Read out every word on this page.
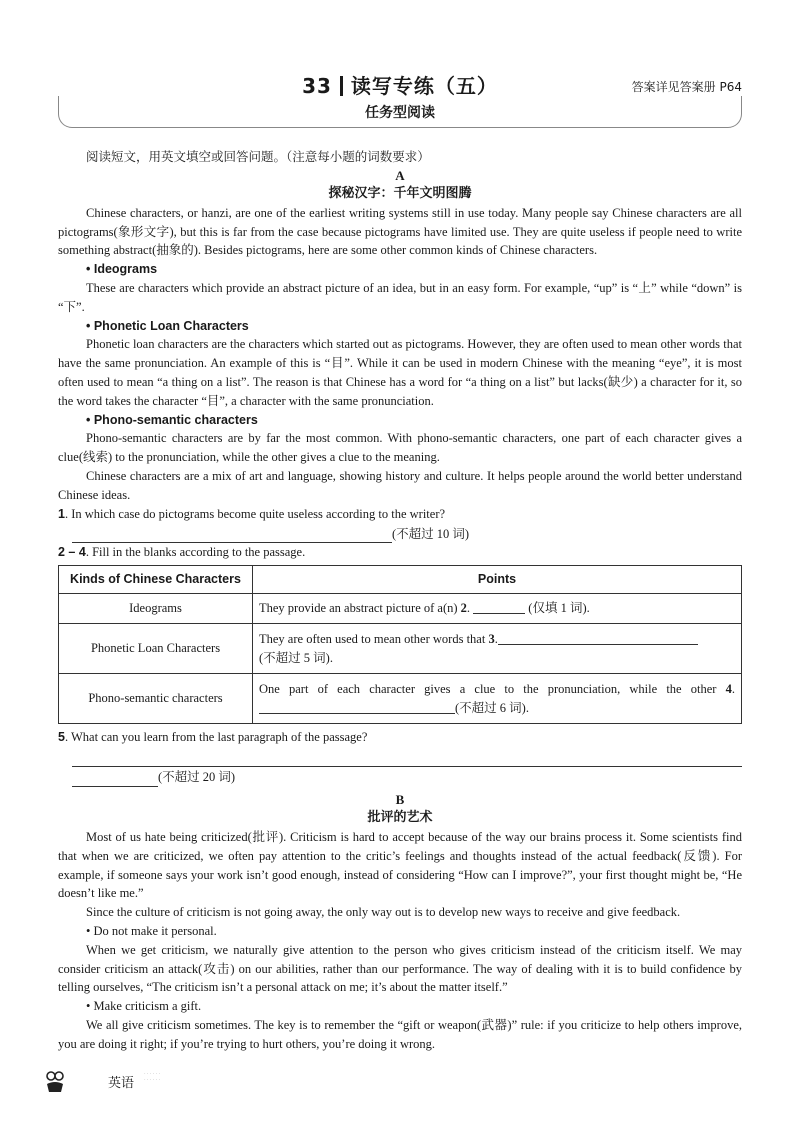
33 读写专练（五）	答案详见答案册 P64
任务型阅读

阅读短文，用英文填空或回答问题。（注意每小题的词数要求）

A
探秘汉字：千年文明图腾

Chinese characters, or hanzi, are one of the earliest writing systems still in use today. Many people say Chinese characters are all pictograms(象形文字), but this is far from the case because pictograms have limited use. They are quite useless if people need to write something abstract(抽象的). Besides pictograms, here are some other common kinds of Chinese characters.

• Ideograms

These are characters which provide an abstract picture of an idea, but in an easy form. For example, “up” is “上” while “down” is “下”.

• Phonetic Loan Characters

Phonetic loan characters are the characters which started out as pictograms. However, they are often used to mean other words that have the same pronunciation. An example of this is “目”. While it can be used in modern Chinese with the meaning “eye”, it is most often used to mean “a thing on a list”. The reason is that Chinese has a word for “a thing on a list” but lacks(缺少) a character for it, so the word takes the character “目”, a character with the same pronunciation.

• Phono-semantic characters

Phono-semantic characters are by far the most common. With phono-semantic characters, one part of each character gives a clue(线索) to the pronunciation, while the other gives a clue to the meaning.

Chinese characters are a mix of art and language, showing history and culture. It helps people around the world better understand Chinese ideas.

1. In which case do pictograms become quite useless according to the writer?
(不超过 10 词)
2 – 4. Fill in the blanks according to the passage.
Kinds of Chinese Characters	Points
Ideograms	They provide an abstract picture of a(n) 2. (仅填 1 词).
Phonetic Loan Characters	They are often used to mean other words that 3.
(不超过 5 词).
Phono-semantic characters	One part of each character gives a clue to the pronunciation, while the other 4. (不超过 6 词).
5. What can you learn from the last paragraph of the passage?
(不超过 20 词)
B
批评的艺术

Most of us hate being criticized(批评). Criticism is hard to accept because of the way our brains process it. Some scientists find that when we are criticized, we often pay attention to the critic’s feelings and thoughts instead of the actual feedback(反馈). For example, if someone says your work isn’t good enough, instead of considering “How can I improve?”, your first thought might be, “He doesn’t like me.”

Since the culture of criticism is not going away, the only way out is to develop new ways to receive and give feedback.

• Do not make it personal.

When we get criticism, we naturally give attention to the person who gives criticism instead of the criticism itself. We may consider criticism an attack(攻击) on our abilities, rather than our performance. The way of dealing with it is to build confidence by telling ourselves, “The criticism isn’t a personal attack on me; it’s about the matter itself.”

• Make criticism a gift.

We all give criticism sometimes. The key is to remember the “gift or weapon(武器)” rule: if you criticize to help others improve, you are doing it right; if you’re trying to hurt others, you’re doing it wrong.

英语
· · · · · ·
· · · · · ·
